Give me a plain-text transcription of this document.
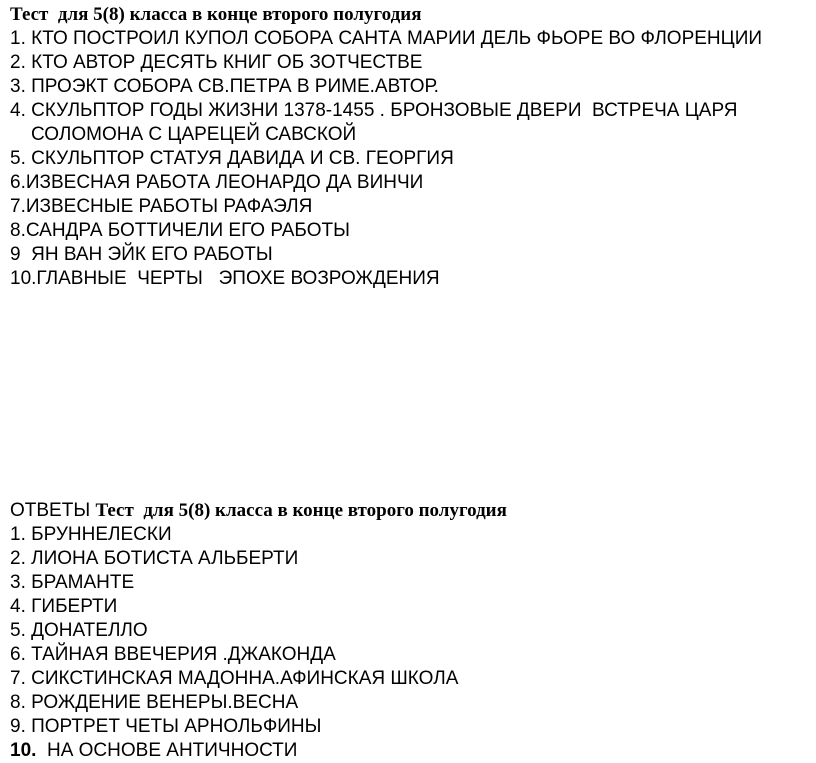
Тест  для 5(8) класса в конце второго полугодия
1. КТО ПОСТРОИЛ КУПОЛ СОБОРА САНТА МАРИИ ДЕЛЬ ФЬОРЕ ВО ФЛОРЕНЦИИ
2. КТО АВТОР ДЕСЯТЬ КНИГ ОБ ЗОТЧЕСТВЕ
3. ПРОЭКТ СОБОРА СВ.ПЕТРА В РИМЕ.АВТОР.
4. СКУЛЬПТОР ГОДЫ ЖИЗНИ 1378-1455 . БРОНЗОВЫЕ ДВЕРИ  ВСТРЕЧА ЦАРЯ СОЛОМОНА С ЦАРЕЦЕЙ САВСКОЙ
5. СКУЛЬПТОР СТАТУЯ ДАВИДА И СВ. ГЕОРГИЯ
6.ИЗВЕСНАЯ РАБОТА ЛЕОНАРДО ДА ВИНЧИ
7.ИЗВЕСНЫЕ РАБОТЫ РАФАЭЛЯ
8.САНДРА БОТТИЧЕЛИ ЕГО РАБОТЫ
9  ЯН ВАН ЭЙК ЕГО РАБОТЫ
10.ГЛАВНЫЕ  ЧЕРТЫ   ЭПОХЕ ВОЗРОЖДЕНИЯ
ОТВЕТЫ Тест  для 5(8) класса в конце второго полугодия
1. БРУННЕЛЕСКИ
2. ЛИОНА БОТИСТА АЛЬБЕРТИ
3. БРАМАНТЕ
4. ГИБЕРТИ
5. ДОНАТЕЛЛО
6. ТАЙНАЯ ВВЕЧЕРИЯ .ДЖАКОНДА
7. СИКСТИНСКАЯ МАДОННА.АФИНСКАЯ ШКОЛА
8. РОЖДЕНИЕ ВЕНЕРЫ.ВЕСНА
9. ПОРТРЕТ ЧЕТЫ АРНОЛЬФИНЫ
10.  НА ОСНОВЕ АНТИЧНОСТИ
